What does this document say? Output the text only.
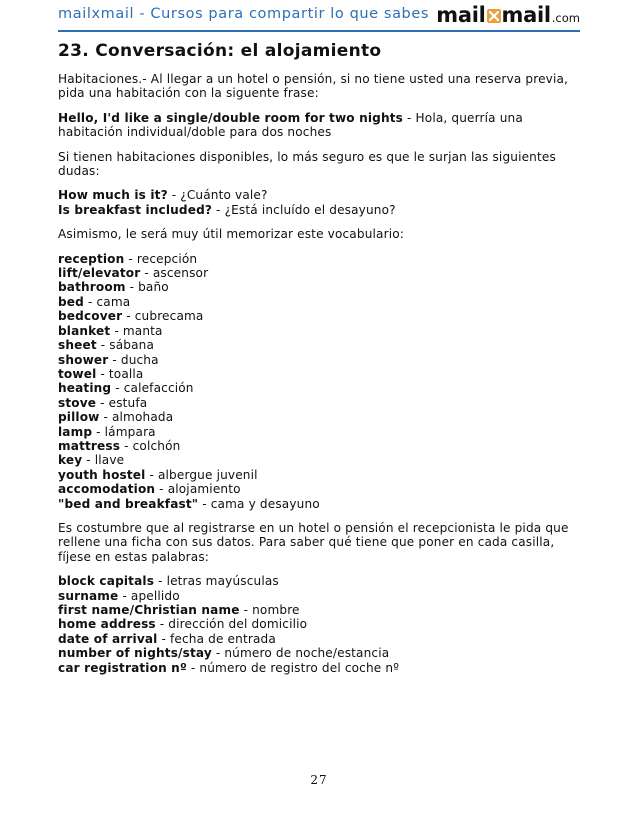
mailxmail - Cursos para compartir lo que sabes mail mail .com
23. Conversación: el alojamiento

Habitaciones.- Al llegar a un hotel o pensión, si no tiene usted una reserva previa, pida una habitación con la siguente frase:

Hello, I'd like a single/double room for two nights - Hola, querría una habitación individual/doble para dos noches

Si tienen habitaciones disponibles, lo más seguro es que le surjan las siguientes dudas:

How much is it? - ¿Cuánto vale?
Is breakfast included? - ¿Está incluído el desayuno?

Asimismo, le será muy útil memorizar este vocabulario:

reception - recepción
lift/elevator - ascensor
bathroom - baño
bed - cama
bedcover - cubrecama
blanket - manta
sheet - sábana
shower - ducha
towel - toalla
heating - calefacción
stove - estufa
pillow - almohada
lamp - lámpara
mattress - colchón
key - llave
youth hostel - albergue juvenil
accomodation - alojamiento
"bed and breakfast" - cama y desayuno

Es costumbre que al registrarse en un hotel o pensión el recepcionista le pida que rellene una ficha con sus datos. Para saber qué tiene que poner en cada casilla, fíjese en estas palabras:

block capitals - letras mayúsculas
surname - apellido
first name/Christian name - nombre
home address - dirección del domicilio
date of arrival - fecha de entrada
number of nights/stay - número de noche/estancia
car registration nº - número de registro del coche nº
27
